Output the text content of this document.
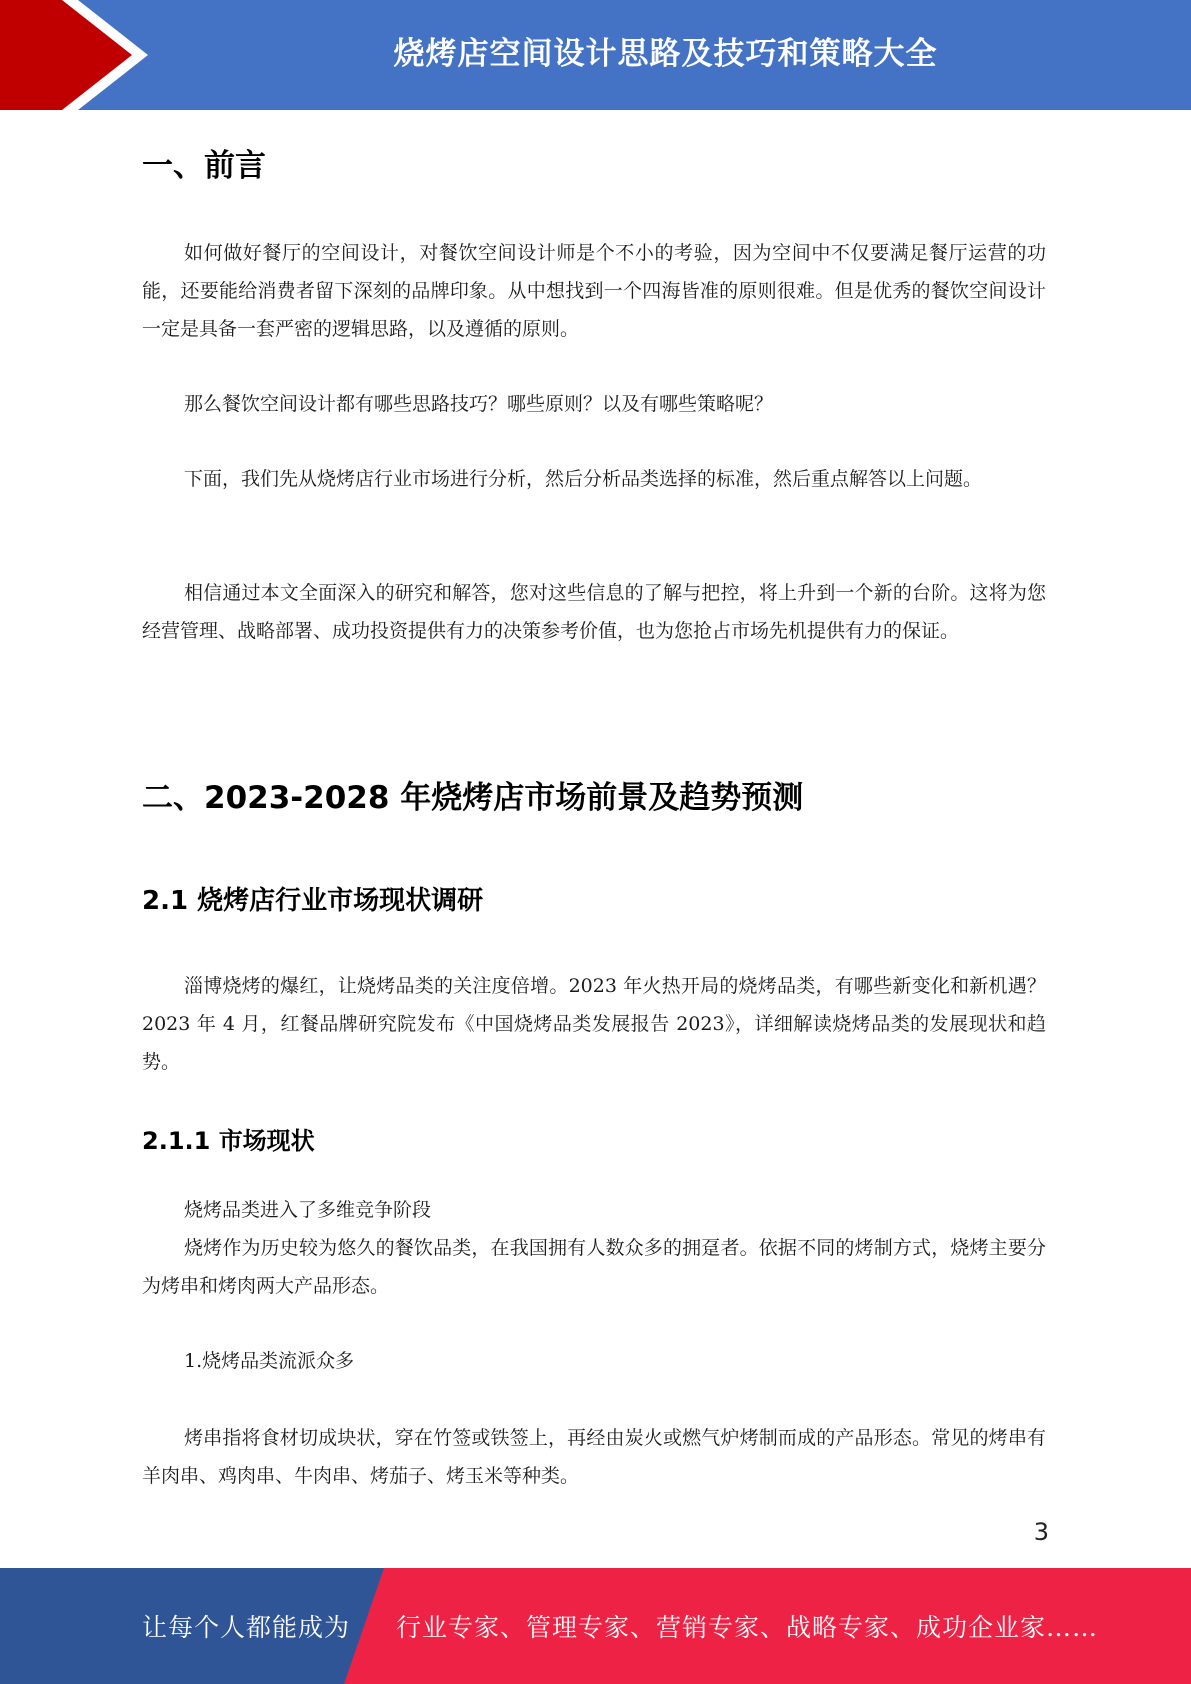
烧烤店空间设计思路及技巧和策略大全
一、前言

如何做好餐厅的空间设计，对餐饮空间设计师是个不小的考验，因为空间中不仅要满足餐厅运营的功能，还要能给消费者留下深刻的品牌印象。从中想找到一个四海皆准的原则很难。但是优秀的餐饮空间设计一定是具备一套严密的逻辑思路，以及遵循的原则。

那么餐饮空间设计都有哪些思路技巧？哪些原则？以及有哪些策略呢？

下面，我们先从烧烤店行业市场进行分析，然后分析品类选择的标准，然后重点解答以上问题。

相信通过本文全面深入的研究和解答，您对这些信息的了解与把控，将上升到一个新的台阶。这将为您经营管理、战略部署、成功投资提供有力的决策参考价值，也为您抢占市场先机提供有力的保证。

二、2023-2028 年烧烤店市场前景及趋势预测
2.1 烧烤店行业市场现状调研

淄博烧烤的爆红，让烧烤品类的关注度倍增。2023 年火热开局的烧烤品类，有哪些新变化和新机遇？2023 年 4 月，红餐品牌研究院发布《中国烧烤品类发展报告 2023》，详细解读烧烤品类的发展现状和趋势。

2.1.1 市场现状

烧烤品类进入了多维竞争阶段

烧烤作为历史较为悠久的餐饮品类，在我国拥有人数众多的拥趸者。依据不同的烤制方式，烧烤主要分为烤串和烤肉两大产品形态。

1.烧烤品类流派众多

烤串指将食材切成块状，穿在竹签或铁签上，再经由炭火或燃气炉烤制而成的产品形态。常见的烤串有羊肉串、鸡肉串、牛肉串、烤茄子、烤玉米等种类。

3
让每个人都能成为 行业专家、管理专家、营销专家、战略专家、成功企业家……
